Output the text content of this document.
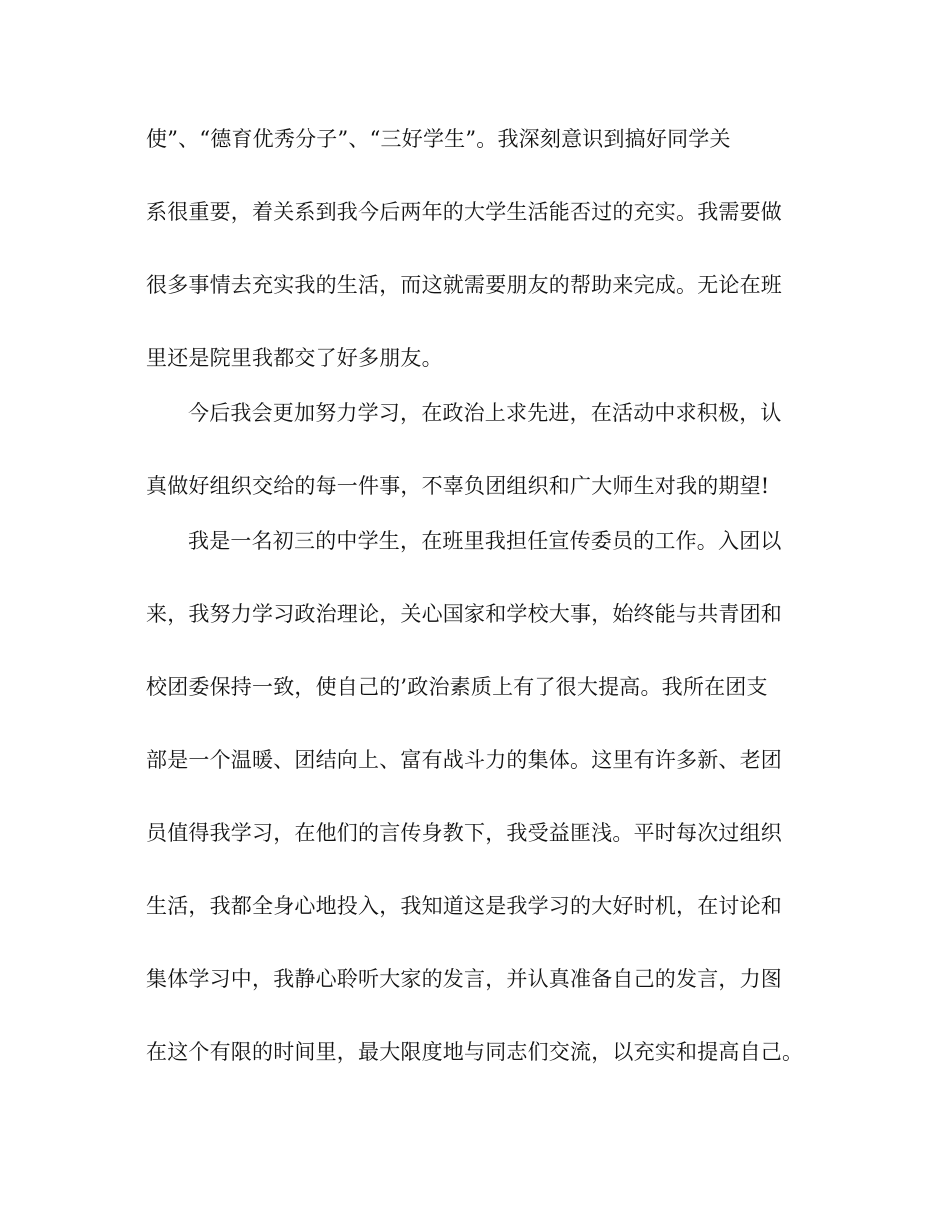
使”、“德育优秀分子”、“三好学生”。我深刻意识到搞好同学关
系很重要，着关系到我今后两年的大学生活能否过的充实。我需要做
很多事情去充实我的生活，而这就需要朋友的帮助来完成。无论在班
里还是院里我都交了好多朋友。
今后我会更加努力学习，在政治上求先进，在活动中求积极，认
真做好组织交给的每一件事，不辜负团组织和广大师生对我的期望!
我是一名初三的中学生，在班里我担任宣传委员的工作。入团以
来，我努力学习政治理论，关心国家和学校大事，始终能与共青团和
校团委保持一致，使自己的’政治素质上有了很大提高。我所在团支
部是一个温暖、团结向上、富有战斗力的集体。这里有许多新、老团
员值得我学习，在他们的言传身教下，我受益匪浅。平时每次过组织
生活，我都全身心地投入，我知道这是我学习的大好时机，在讨论和
集体学习中，我静心聆听大家的发言，并认真准备自己的发言，力图
在这个有限的时间里，最大限度地与同志们交流，以充实和提高自己。
